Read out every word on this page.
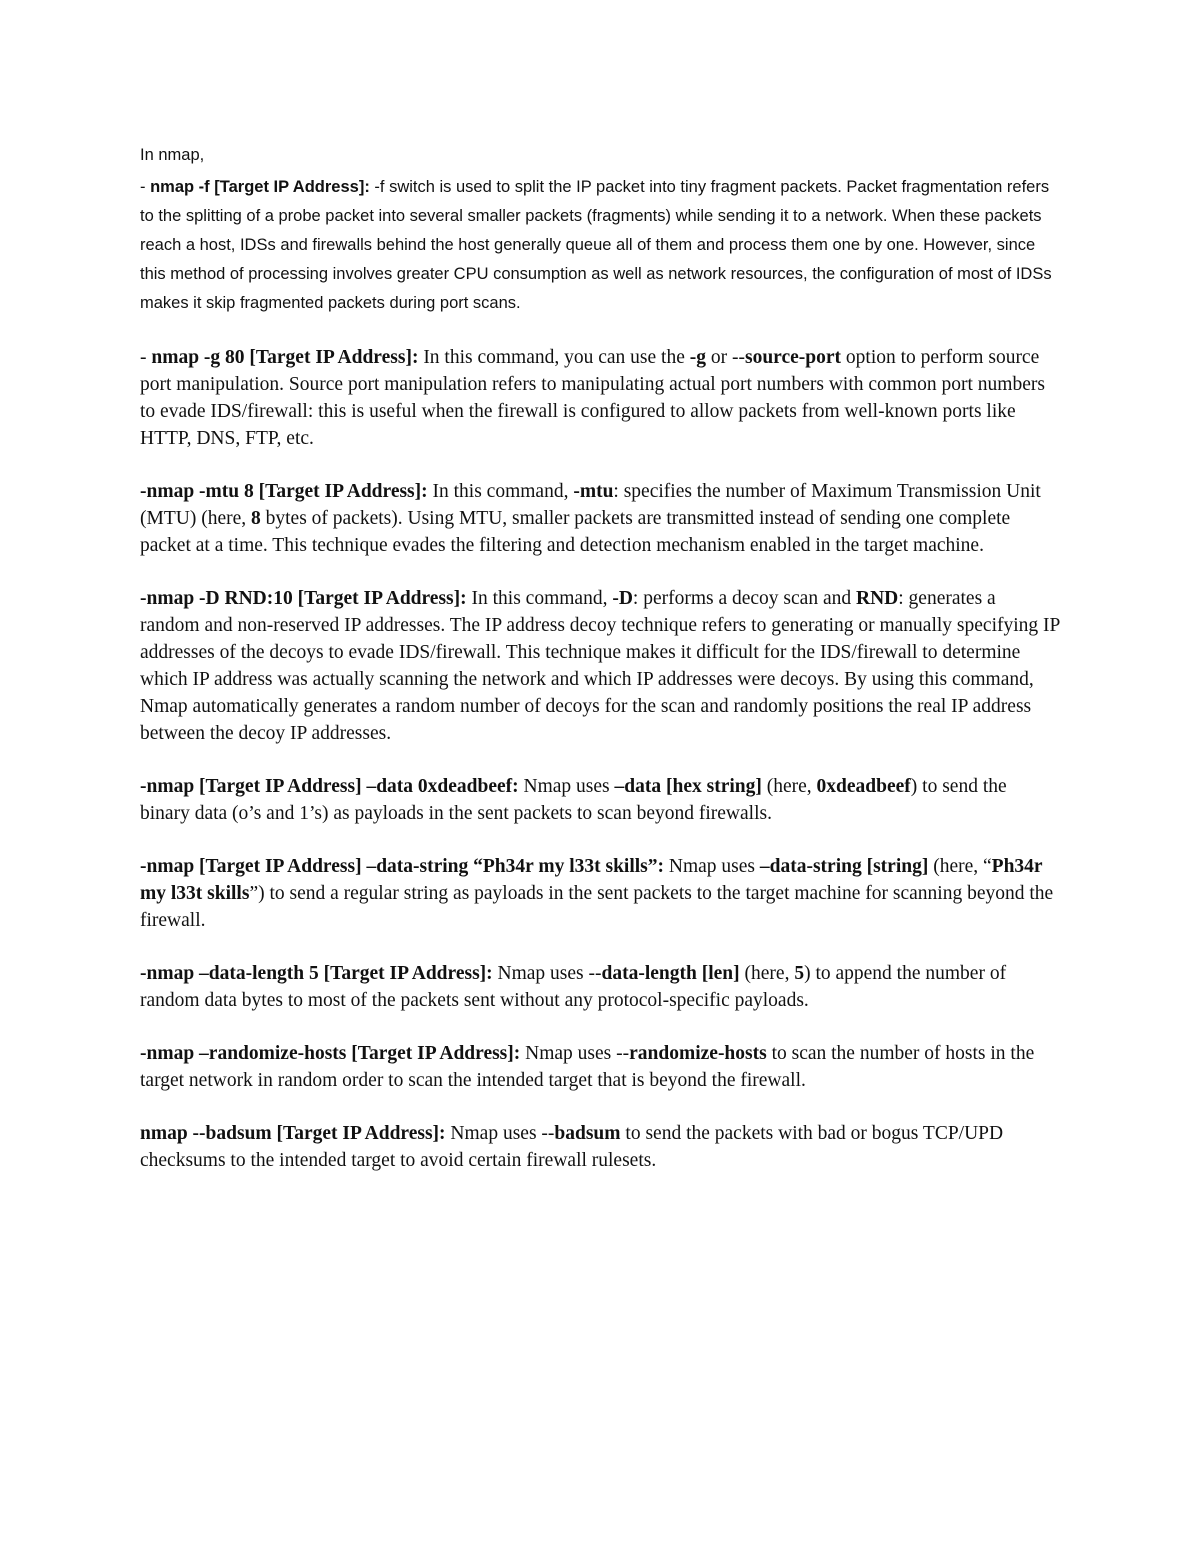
In nmap,

- nmap -f [Target IP Address]: -f switch is used to split the IP packet into tiny fragment packets. Packet fragmentation refers to the splitting of a probe packet into several smaller packets (fragments) while sending it to a network. When these packets reach a host, IDSs and firewalls behind the host generally queue all of them and process them one by one. However, since this method of processing involves greater CPU consumption as well as network resources, the configuration of most of IDSs makes it skip fragmented packets during port scans.

- nmap -g 80 [Target IP Address]: In this command, you can use the -g or --source-port option to perform source port manipulation. Source port manipulation refers to manipulating actual port numbers with common port numbers to evade IDS/firewall: this is useful when the firewall is configured to allow packets from well-known ports like HTTP, DNS, FTP, etc.

-nmap -mtu 8 [Target IP Address]: In this command, -mtu: specifies the number of Maximum Transmission Unit (MTU) (here, 8 bytes of packets). Using MTU, smaller packets are transmitted instead of sending one complete packet at a time. This technique evades the filtering and detection mechanism enabled in the target machine.

-nmap -D RND:10 [Target IP Address]: In this command, -D: performs a decoy scan and RND: generates a random and non-reserved IP addresses. The IP address decoy technique refers to generating or manually specifying IP addresses of the decoys to evade IDS/firewall. This technique makes it difficult for the IDS/firewall to determine which IP address was actually scanning the network and which IP addresses were decoys. By using this command, Nmap automatically generates a random number of decoys for the scan and randomly positions the real IP address between the decoy IP addresses.

-nmap [Target IP Address] –data 0xdeadbeef: Nmap uses –data [hex string] (here, 0xdeadbeef) to send the binary data (o’s and 1’s) as payloads in the sent packets to scan beyond firewalls.

-nmap [Target IP Address] –data-string “Ph34r my l33t skills”: Nmap uses –data-string [string] (here, “Ph34r my l33t skills”) to send a regular string as payloads in the sent packets to the target machine for scanning beyond the firewall.

-nmap –data-length 5 [Target IP Address]: Nmap uses --data-length [len] (here, 5) to append the number of random data bytes to most of the packets sent without any protocol-specific payloads.

-nmap –randomize-hosts [Target IP Address]: Nmap uses --randomize-hosts to scan the number of hosts in the target network in random order to scan the intended target that is beyond the firewall.

nmap --badsum [Target IP Address]: Nmap uses --badsum to send the packets with bad or bogus TCP/UPD checksums to the intended target to avoid certain firewall rulesets.
